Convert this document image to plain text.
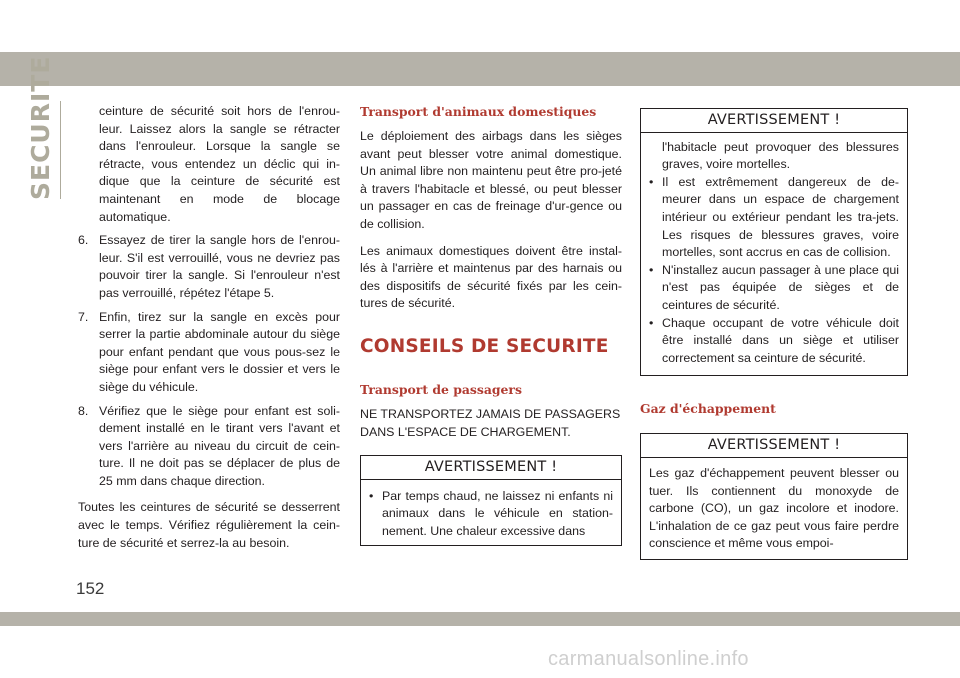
SECURITE	ceinture de sécurité soit hors de l'enrou-leur. Laissez alors la sangle se rétracter dans l'enrouleur. Lorsque la sangle se rétracte, vous entendez un déclic qui in-dique que la ceinture de sécurité est maintenant en mode de blocage automatique.

6. Essayez de tirer la sangle hors de l'enrou-leur. S'il est verrouillé, vous ne devriez pas pouvoir tirer la sangle. Si l'enrouleur n'est pas verrouillé, répétez l'étape 5.

7. Enfin, tirez sur la sangle en excès pour serrer la partie abdominale autour du siège pour enfant pendant que vous pous-sez le siège pour enfant vers le dossier et vers le siège du véhicule.

8. Vérifiez que le siège pour enfant est soli-dement installé en le tirant vers l'avant et vers l'arrière au niveau du circuit de cein-ture. Il ne doit pas se déplacer de plus de 25 mm dans chaque direction.

Toutes les ceintures de sécurité se desserrent avec le temps. Vérifiez régulièrement la cein-ture de sécurité et serrez-la au besoin.

Transport d'animaux domestiques

Le déploiement des airbags dans les sièges avant peut blesser votre animal domestique. Un animal libre non maintenu peut être pro-jeté à travers l'habitacle et blessé, ou peut blesser un passager en cas de freinage d'ur-gence ou de collision.

Les animaux domestiques doivent être instal-lés à l'arrière et maintenus par des harnais ou des dispositifs de sécurité fixés par les cein-tures de sécurité.

CONSEILS DE SECURITE

Transport de passagers

NE TRANSPORTEZ JAMAIS DE PASSAGERS DANS L'ESPACE DE CHARGEMENT.

AVERTISSEMENT !

• Par temps chaud, ne laissez ni enfants ni animaux dans le véhicule en station-nement. Une chaleur excessive dans

AVERTISSEMENT !

l'habitacle peut provoquer des blessures graves, voire mortelles.

• Il est extrêmement dangereux de de-meurer dans un espace de chargement intérieur ou extérieur pendant les tra-jets. Les risques de blessures graves, voire mortelles, sont accrus en cas de collision.

• N'installez aucun passager à une place qui n'est pas équipée de sièges et de ceintures de sécurité.

• Chaque occupant de votre véhicule doit être installé dans un siège et utiliser correctement sa ceinture de sécurité.

Gaz d'échappement

AVERTISSEMENT !

Les gaz d'échappement peuvent blesser ou tuer. Ils contiennent du monoxyde de carbone (CO), un gaz incolore et inodore. L'inhalation de ce gaz peut vous faire perdre conscience et même vous empoi-

152
carmanualsonline.info
